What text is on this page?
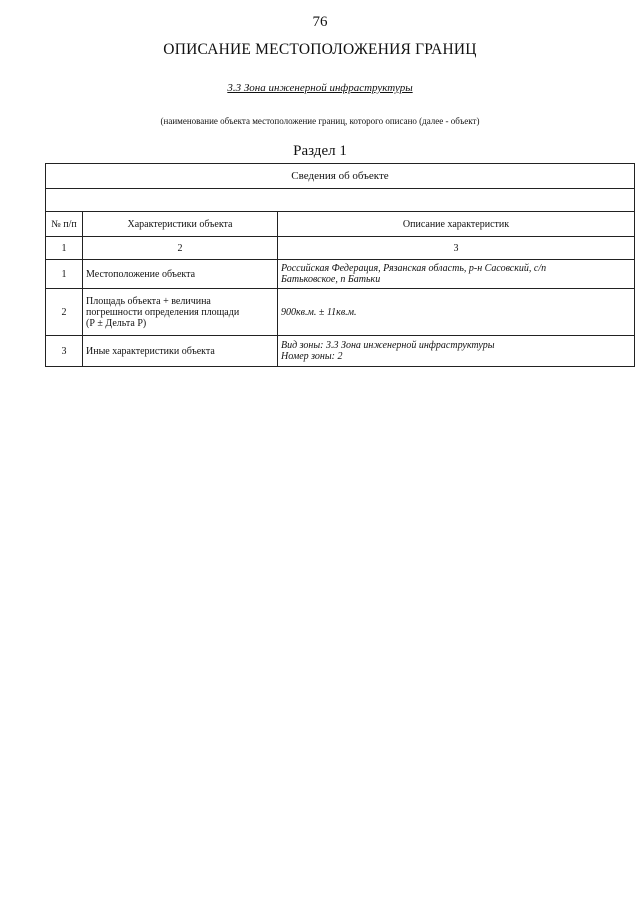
76
ОПИСАНИЕ МЕСТОПОЛОЖЕНИЯ ГРАНИЦ
3.3 Зона инженерной инфраструктуры
(наименование объекта местоположение границ, которого описано (далее - объект)
Раздел 1
Сведения об объекте		

№ п/п	Характеристики объекта	Описание характеристик
1	2	3
1	Местоположение объекта	Российская Федерация, Рязанская область, р-н Сасовский, с/п
Батьковское, п Батьки

2	Площадь объекта + величина
погрешности определения площади
(Р ± Дельта Р)	900кв.м. ± 11кв.м.
3	Иные характеристики объекта	Вид зоны: 3.3 Зона инженерной инфраструктуры
Номер зоны: 2
